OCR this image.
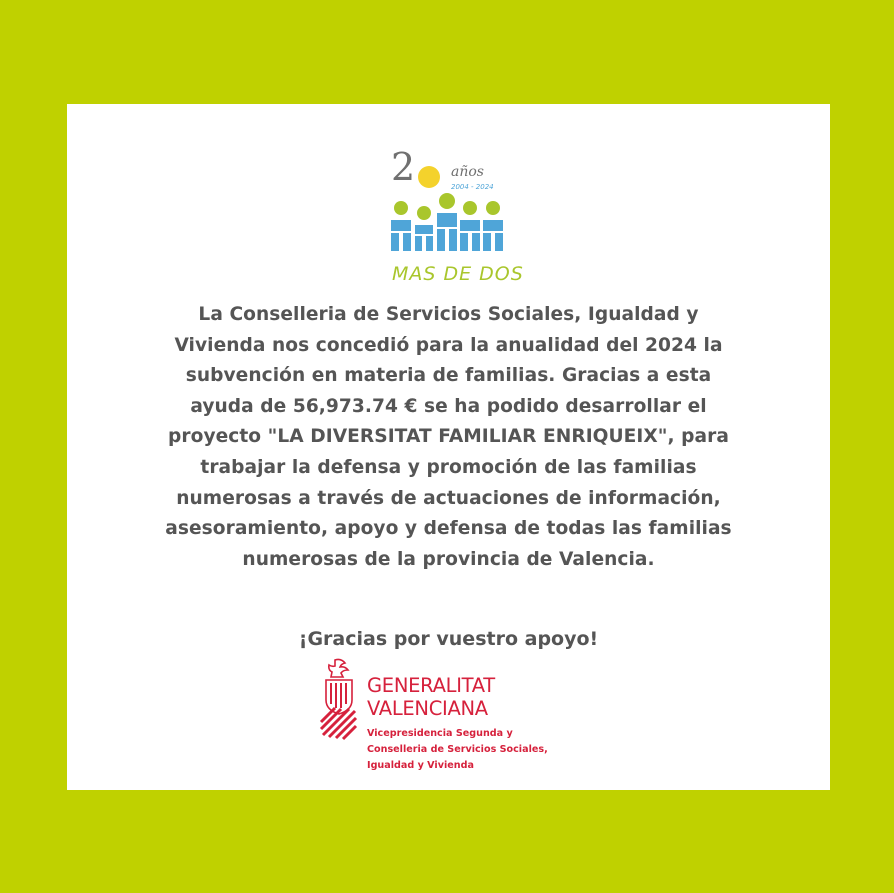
2	años
2004 - 2024
MAS DE DOS

La Conselleria de Servicios Sociales, Igualdad y
Vivienda nos concedió para la anualidad del 2024 la
subvención en materia de familias. Gracias a esta
ayuda de 56,973.74 € se ha podido desarrollar el
proyecto "LA DIVERSITAT FAMILIAR ENRIQUEIX", para
trabajar la defensa y promoción de las familias
numerosas a través de actuaciones de información,
asesoramiento, apoyo y defensa de todas las familias
numerosas de la provincia de Valencia.

¡Gracias por vuestro apoyo!

GENERALITAT
VALENCIANA
Vicepresidencia Segunda y
Conselleria de Servicios Sociales,
Igualdad y Vivienda
